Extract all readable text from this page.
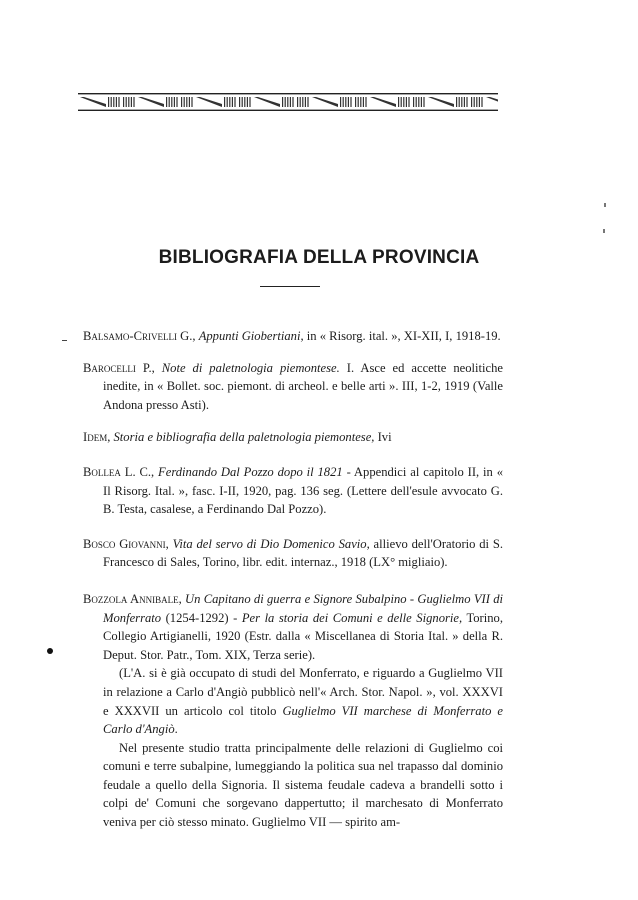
BIBLIOGRAFIA DELLA PROVINCIA

Balsamo-Crivelli G., Appunti Giobertiani, in « Risorg. ital. », XI-XII, I, 1918-19.

Barocelli P., Note di paletnologia piemontese. I. Asce ed accette neolitiche inedite, in « Bollet. soc. piemont. di archeol. e belle arti ». III, 1-2, 1919 (Valle Andona presso Asti).

Idem, Storia e bibliografia della paletnologia piemontese, Ivi

Bollea L. C., Ferdinando Dal Pozzo dopo il 1821 - Appendici al capitolo II, in « Il Risorg. Ital. », fasc. I-II, 1920, pag. 136 seg. (Lettere dell'esule avvocato G. B. Testa, casalese, a Ferdinando Dal Pozzo).

Bosco Giovanni, Vita del servo di Dio Domenico Savio, allievo dell'Oratorio di S. Francesco di Sales, Torino, libr. edit. internaz., 1918 (LX° migliaio).

Bozzola Annibale, Un Capitano di guerra e Signore Subalpino - Guglielmo VII di Monferrato (1254-1292) - Per la storia dei Comuni e delle Signorie, Torino, Collegio Artigianelli, 1920 (Estr. dalla « Miscellanea di Storia Ital. » della R. Deput. Stor. Patr., Tom. XIX, Terza serie).

(L'A. si è già occupato di studi del Monferrato, e riguardo a Guglielmo VII in relazione a Carlo d'Angiò pubblicò nell'« Arch. Stor. Napol. », vol. XXXVI e XXXVII un articolo col titolo Guglielmo VII marchese di Monferrato e Carlo d'Angiò.

Nel presente studio tratta principalmente delle relazioni di Guglielmo coi comuni e terre subalpine, lumeggiando la politica sua nel trapasso dal dominio feudale a quello della Signoria. Il sistema feudale cadeva a brandelli sotto i colpi de' Comuni che sorgevano dappertutto; il marchesato di Monferrato veniva per ciò stesso minato. Guglielmo VII — spirito am-
